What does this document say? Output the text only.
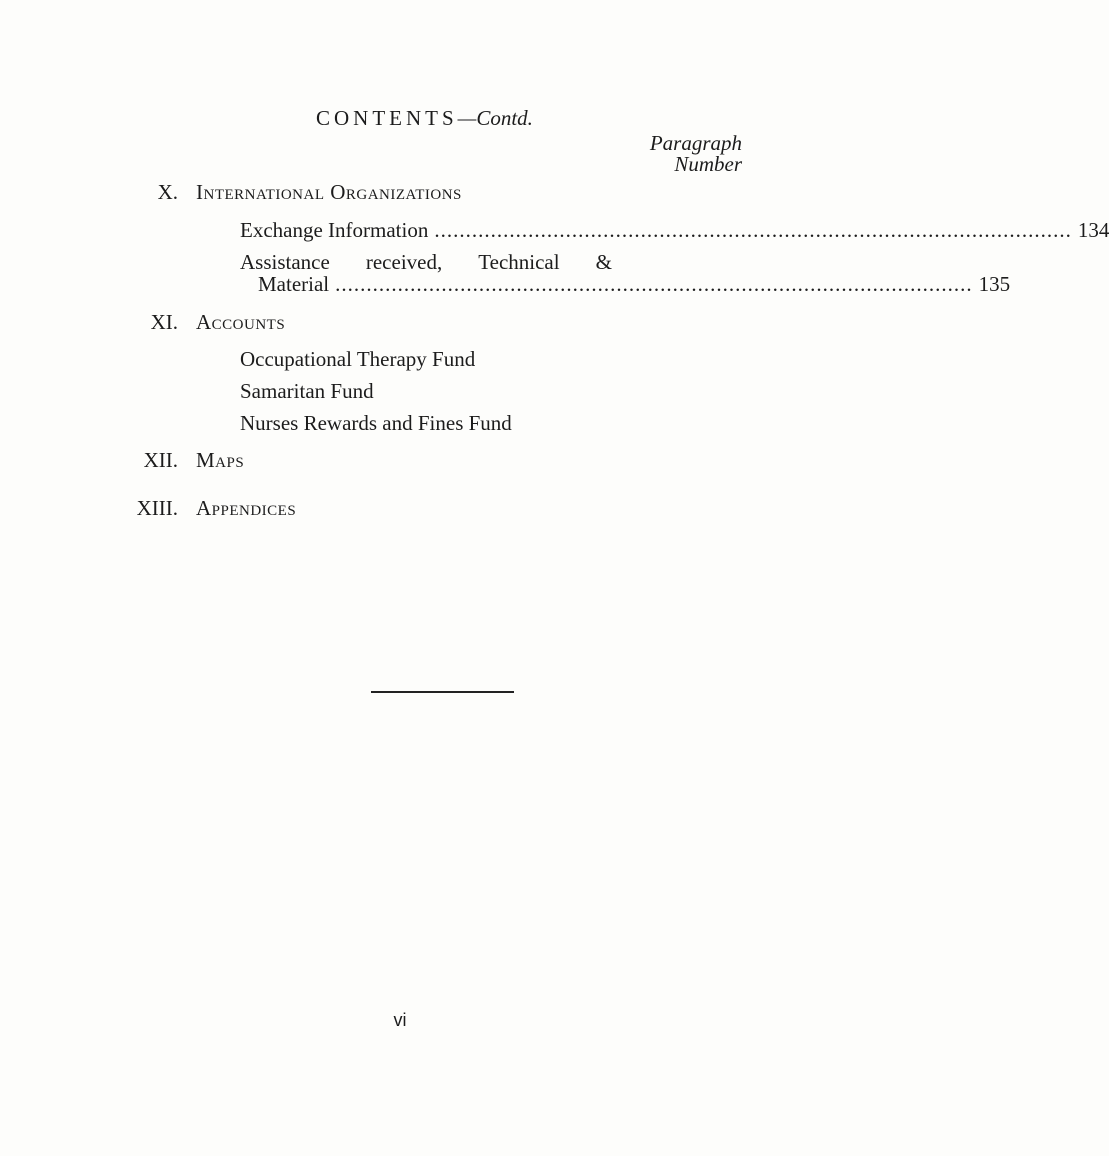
CONTENTS—Contd.
Paragraph
Number
X. International Organizations
Exchange Information ...................................................................................................... 134
Assistance received, Technical &
Material ...................................................................................................... 135
XI. Accounts
Occupational Therapy Fund
Samaritan Fund
Nurses Rewards and Fines Fund
XII. Maps
XIII. Appendices
vi
